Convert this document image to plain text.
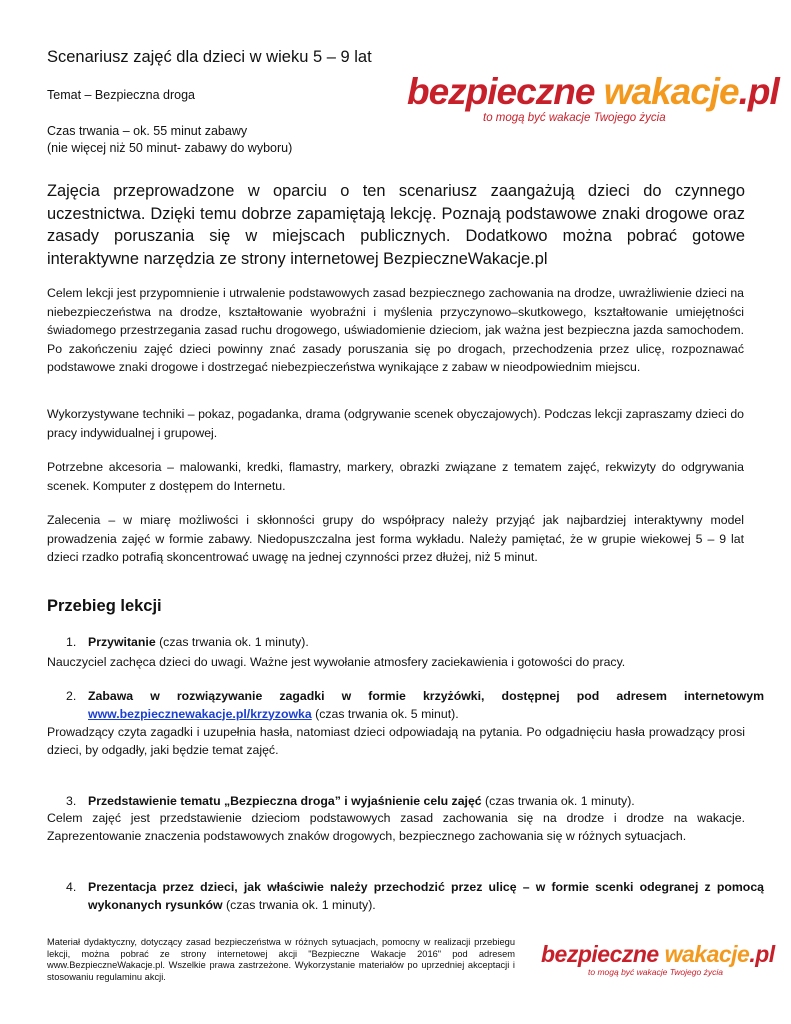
Scenariusz zajęć dla dzieci w wieku 5 – 9 lat
Temat – Bezpieczna droga
Czas trwania – ok. 55 minut zabawy
(nie więcej niż 50 minut- zabawy do wyboru)
bezpieczne wakacje.pl
to mogą być wakacje Twojego życia
Zajęcia przeprowadzone w oparciu o ten scenariusz zaangażują dzieci do czynnego uczestnictwa. Dzięki temu dobrze zapamiętają lekcję. Poznają podstawowe znaki drogowe oraz zasady poruszania się w miejscach publicznych. Dodatkowo można pobrać gotowe interaktywne narzędzia ze strony internetowej BezpieczneWakacje.pl
Celem lekcji jest przypomnienie i utrwalenie podstawowych zasad bezpiecznego zachowania na drodze, uwrażliwienie dzieci na niebezpieczeństwa na drodze, kształtowanie wyobraźni i myślenia przyczynowo–skutkowego, kształtowanie umiejętności świadomego przestrzegania zasad ruchu drogowego, uświadomienie dzieciom, jak ważna jest bezpieczna jazda samochodem. Po zakończeniu zajęć dzieci powinny znać zasady poruszania się po drogach, przechodzenia przez ulicę, rozpoznawać podstawowe znaki drogowe i dostrzegać niebezpieczeństwa wynikające z zabaw w nieodpowiednim miejscu.
Wykorzystywane techniki – pokaz, pogadanka, drama (odgrywanie scenek obyczajowych). Podczas lekcji zapraszamy dzieci do pracy indywidualnej i grupowej.
Potrzebne akcesoria – malowanki, kredki, flamastry, markery, obrazki związane z tematem zajęć, rekwizyty do odgrywania scenek. Komputer z dostępem do Internetu.
Zalecenia – w miarę możliwości i skłonności grupy do współpracy należy przyjąć jak najbardziej interaktywny model prowadzenia zajęć w formie zabawy. Niedopuszczalna jest forma wykładu. Należy pamiętać, że w grupie wiekowej 5 – 9 lat dzieci rzadko potrafią skoncentrować uwagę na jednej czynności przez dłużej, niż 5 minut.
Przebieg lekcji
1. Przywitanie (czas trwania ok. 1 minuty).
Nauczyciel zachęca dzieci do uwagi. Ważne jest wywołanie atmosfery zaciekawienia i gotowości do pracy.
2. Zabawa w rozwiązywanie zagadki w formie krzyżówki, dostępnej pod adresem internetowym www.bezpiecznewakacje.pl/krzyzowka (czas trwania ok. 5 minut).
Prowadzący czyta zagadki i uzupełnia hasła, natomiast dzieci odpowiadają na pytania. Po odgadnięciu hasła prowadzący prosi dzieci, by odgadły, jaki będzie temat zajęć.
3. Przedstawienie tematu „Bezpieczna droga” i wyjaśnienie celu zajęć (czas trwania ok. 1 minuty).
Celem zajęć jest przedstawienie dzieciom podstawowych zasad zachowania się na drodze i drodze na wakacje. Zaprezentowanie znaczenia podstawowych znaków drogowych, bezpiecznego zachowania się w różnych sytuacjach.
4. Prezentacja przez dzieci, jak właściwie należy przechodzić przez ulicę – w formie scenki odegranej z pomocą wykonanych rysunków (czas trwania ok. 1 minuty).
Materiał dydaktyczny, dotyczący zasad bezpieczeństwa w różnych sytuacjach, pomocny w realizacji przebiegu lekcji, można pobrać ze strony internetowej akcji "Bezpieczne Wakacje 2016" pod adresem www.BezpieczneWakacje.pl. Wszelkie prawa zastrzeżone. Wykorzystanie materiałów po uprzedniej akceptacji i stosowaniu regulaminu akcji.
bezpieczne wakacje.pl
to mogą być wakacje Twojego życia
